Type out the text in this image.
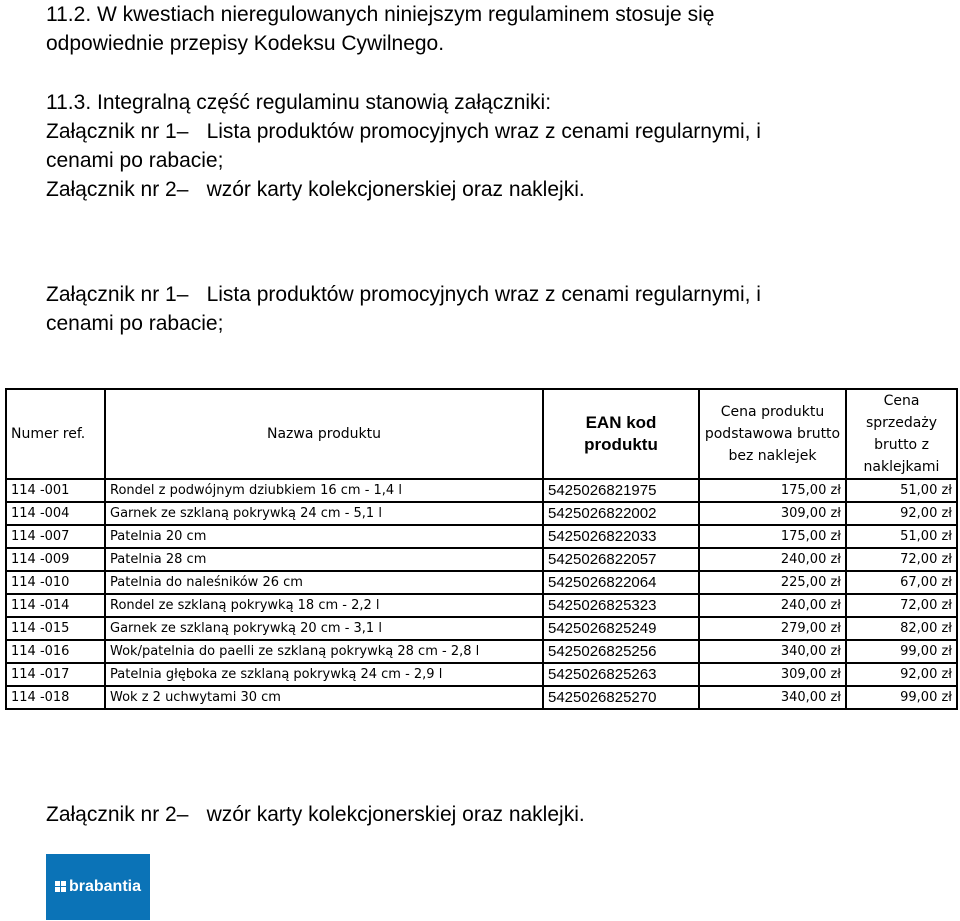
11.2. W kwestiach nieregulowanych niniejszym regulaminem stosuje się
odpowiednie przepisy Kodeksu Cywilnego.

11.3. Integralną część regulaminu stanowią załączniki:
Załącznik nr 1– Lista produktów promocyjnych wraz z cenami regularnymi, i
cenami po rabacie;
Załącznik nr 2– wzór karty kolekcjonerskiej oraz naklejki.

Załącznik nr 1– Lista produktów promocyjnych wraz z cenami regularnymi, i
cenami po rabacie;

Numer ref.	Nazwa produktu	EAN kod produktu	Cena produktu podstawowa brutto bez naklejek	Cena sprzedaży brutto z naklejkami
114 -001	Rondel z podwójnym dziubkiem 16 cm - 1,4 l	5425026821975	175,00 zł	51,00 zł
114 -004	Garnek ze szklaną pokrywką 24 cm - 5,1 l	5425026822002	309,00 zł	92,00 zł
114 -007	Patelnia 20 cm	5425026822033	175,00 zł	51,00 zł
114 -009	Patelnia 28 cm	5425026822057	240,00 zł	72,00 zł
114 -010	Patelnia do naleśników 26 cm	5425026822064	225,00 zł	67,00 zł
114 -014	Rondel ze szklaną pokrywką 18 cm - 2,2 l	5425026825323	240,00 zł	72,00 zł
114 -015	Garnek ze szklaną pokrywką 20 cm - 3,1 l	5425026825249	279,00 zł	82,00 zł
114 -016	Wok/patelnia do paelli ze szklaną pokrywką 28 cm - 2,8 l	5425026825256	340,00 zł	99,00 zł
114 -017	Patelnia głęboka ze szklaną pokrywką 24 cm - 2,9 l	5425026825263	309,00 zł	92,00 zł
114 -018	Wok z 2 uchwytami 30 cm	5425026825270	340,00 zł	99,00 zł

Załącznik nr 2– wzór karty kolekcjonerskiej oraz naklejki.

brabantia
